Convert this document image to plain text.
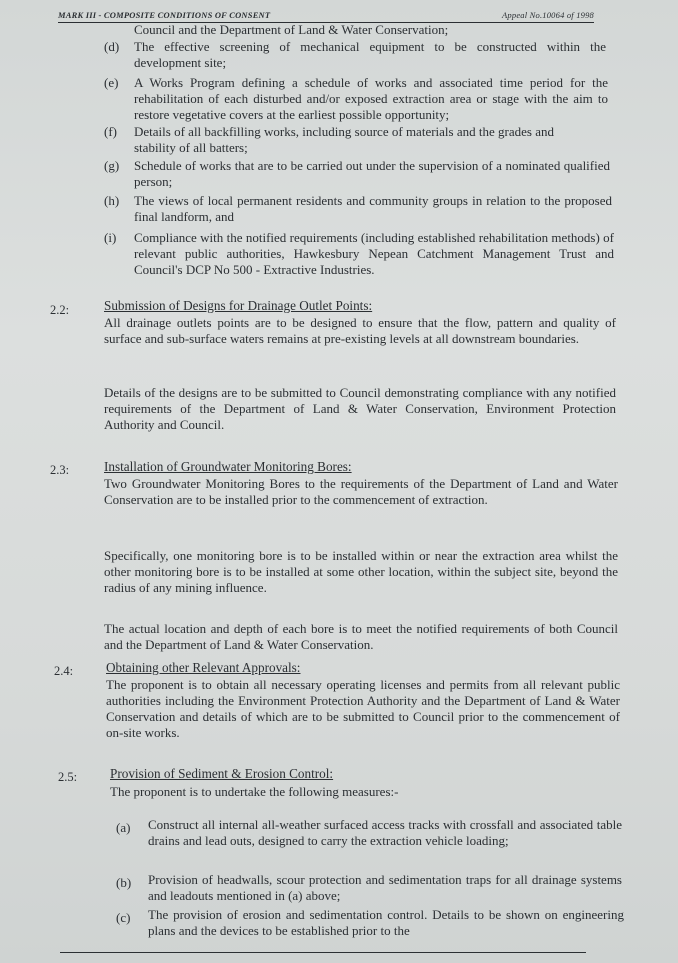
MARK III - COMPOSITE CONDITIONS OF CONSENT	Appeal No.10064 of 1998
Council and the Department of Land & Water Conservation;
(d) The effective screening of mechanical equipment to be constructed within the development site;
(e) A Works Program defining a schedule of works and associated time period for the rehabilitation of each disturbed and/or exposed extraction area or stage with the aim to restore vegetative covers at the earliest possible opportunity;
(f) Details of all backfilling works, including source of materials and the grades and stability of all batters;
(g) Schedule of works that are to be carried out under the supervision of a nominated qualified person;
(h) The views of local permanent residents and community groups in relation to the proposed final landform, and
(i) Compliance with the notified requirements (including established rehabilitation methods) of relevant public authorities, Hawkesbury Nepean Catchment Management Trust and Council's DCP No 500 - Extractive Industries.
2.2:	Submission of Designs for Drainage Outlet Points:
All drainage outlets points are to be designed to ensure that the flow, pattern and quality of surface and sub-surface waters remains at pre-existing levels at all downstream boundaries.
Details of the designs are to be submitted to Council demonstrating compliance with any notified requirements of the Department of Land & Water Conservation, Environment Protection Authority and Council.
2.3:	Installation of Groundwater Monitoring Bores:
Two Groundwater Monitoring Bores to the requirements of the Department of Land and Water Conservation are to be installed prior to the commencement of extraction.
Specifically, one monitoring bore is to be installed within or near the extraction area whilst the other monitoring bore is to be installed at some other location, within the subject site, beyond the radius of any mining influence.
The actual location and depth of each bore is to meet the notified requirements of both Council and the Department of Land & Water Conservation.
2.4: Obtaining other Relevant Approvals:
The proponent is to obtain all necessary operating licenses and permits from all relevant public authorities including the Environment Protection Authority and the Department of Land & Water Conservation and details of which are to be submitted to Council prior to the commencement of on-site works.
2.5: Provision of Sediment & Erosion Control:
The proponent is to undertake the following measures:-
(a) Construct all internal all-weather surfaced access tracks with crossfall and associated table drains and lead outs, designed to carry the extraction vehicle loading;
(b) Provision of headwalls, scour protection and sedimentation traps for all drainage systems and leadouts mentioned in (a) above;
(c) The provision of erosion and sedimentation control. Details to be shown on engineering plans and the devices to be established prior to the
